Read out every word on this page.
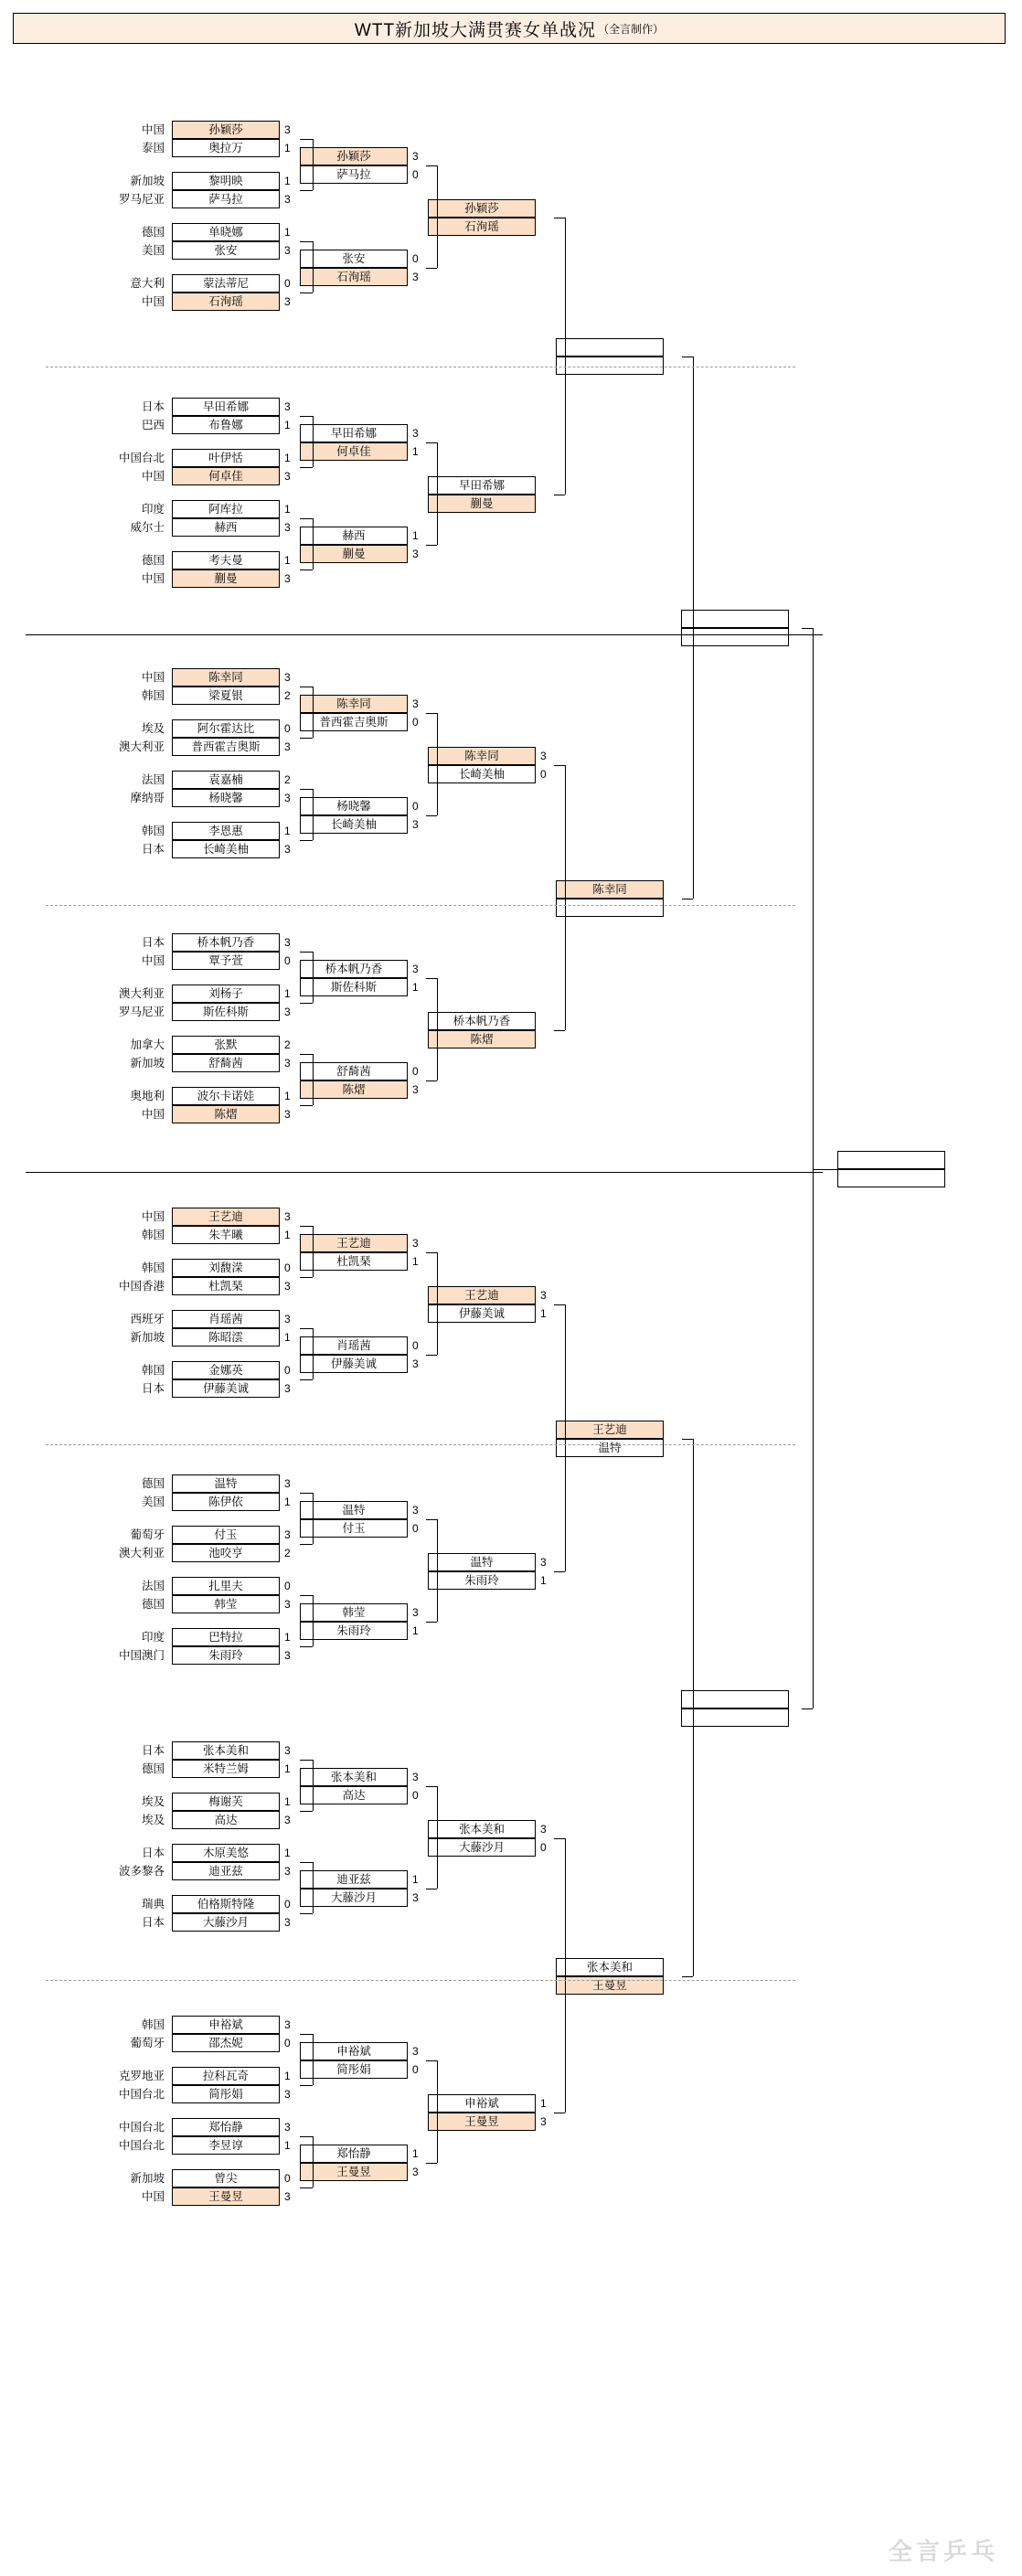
WTT新加坡大满贯赛女单战况 （全言制作）
全言乒乓
中国
泰国
孙颖莎
奥拉万
3
1
新加坡
罗马尼亚
黎明映
萨马拉
1
3
德国
美国
单晓娜
张安
1
3
意大利
中国
蒙法蒂尼
石洵瑶
0
3
日本
巴西
早田希娜
布鲁娜
3
1
中国台北
中国
叶伊恬
何卓佳
1
3
印度
威尔士
阿库拉
赫西
1
3
德国
中国
考夫曼
蒯曼
1
3
中国
韩国
陈幸同
梁夏银
3
2
埃及
澳大利亚
阿尔霍达比
普西霍吉奥斯
0
3
法国
摩纳哥
袁嘉楠
杨晓馨
2
3
韩国
日本
李恩惠
长崎美柚
1
3
日本
中国
桥本帆乃香
覃予萱
3
0
澳大利亚
罗马尼亚
刘杨子
斯佐科斯
1
3
加拿大
新加坡
张默
舒䭲茜
2
3
奥地利
中国
波尔卡诺娃
陈熠
1
3
中国
韩国
王艺迪
朱芊曦
3
1
韩国
中国香港
刘馥溁
杜凯琹
0
3
西班牙
新加坡
肖瑶茜
陈昭澐
3
1
韩国
日本
金娜英
伊藤美诚
0
3
德国
美国
温特
陈伊依
3
1
葡萄牙
澳大利亚
付玉
池咬亨
3
2
法国
德国
扎里夫
韩莹
0
3
印度
中国澳门
巴特拉
朱雨玲
1
3
日本
德国
张本美和
米特兰姆
3
1
埃及
埃及
梅谢芙
高达
1
3
日本
波多黎各
木原美悠
迪亚兹
1
3
瑞典
日本
伯格斯特隆
大藤沙月
0
3
韩国
葡萄牙
申裕斌
邵杰妮
3
0
克罗地亚
中国台北
拉科瓦奇
简彤娟
1
3
中国台北
中国台北
郑怡静
李昱谆
3
1
新加坡
中国
曾尖
王曼昱
0
3
孙颖莎
萨马拉
3
0
张安
石洵瑶
0
3
早田希娜
何卓佳
3
1
赫西
蒯曼
1
3
陈幸同
普西霍吉奥斯
3
0
杨晓馨
长崎美柚
0
3
桥本帆乃香
斯佐科斯
3
1
舒䭲茜
陈熠
0
3
王艺迪
杜凯琹
3
1
肖瑶茜
伊藤美诚
0
3
温特
付玉
3
0
韩莹
朱雨玲
3
1
张本美和
高达
3
0
迪亚兹
大藤沙月
1
3
申裕斌
简彤娟
3
0
郑怡静
王曼昱
1
3
孙颖莎
石洵瑶
早田希娜
蒯曼
陈幸同
长崎美柚
3
0
桥本帆乃香
陈熠
王艺迪
伊藤美诚
3
1
温特
朱雨玲
3
1
张本美和
大藤沙月
3
0
申裕斌
王曼昱
1
3
陈幸同
王艺迪
温特
张本美和
王曼昱
